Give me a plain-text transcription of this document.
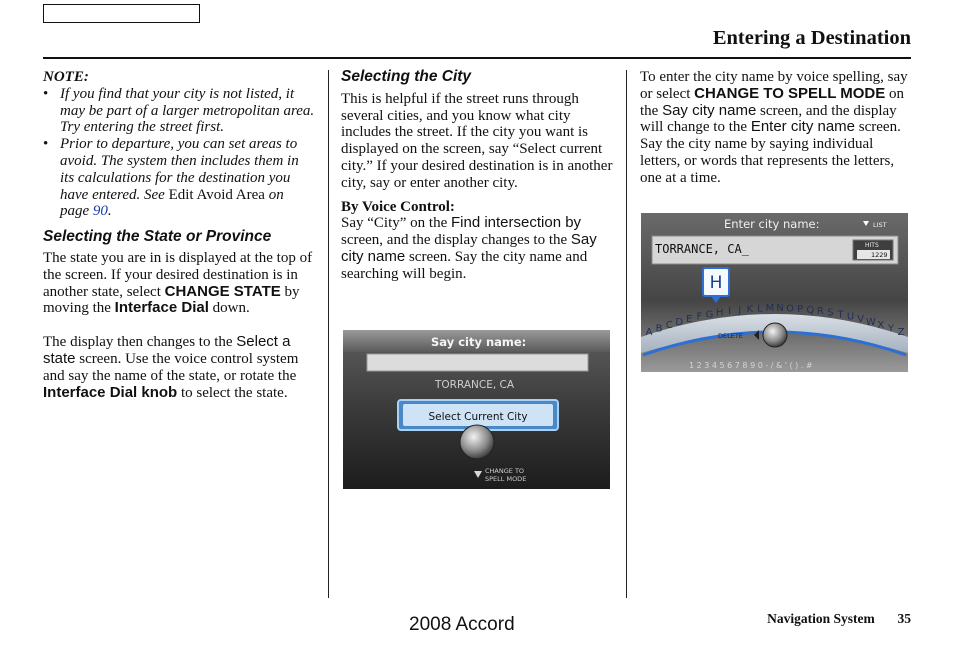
Entering a Destination

NOTE:

• If you find that your city is not listed, it may be part of a larger metropolitan area. Try entering the street first.
• Prior to departure, you can set areas to avoid. The system then includes them in its calculations for the destination you have entered. See Edit Avoid Area on page 90.

Selecting the State or Province

The state you are in is displayed at the top of the screen. If your desired destination is in another state, select CHANGE STATE by moving the Interface Dial down.

The display then changes to the Select a state screen. Use the voice control system and say the name of the state, or rotate the Interface Dial knob to select the state.

Selecting the City

This is helpful if the street runs through several cities, and you know what city includes the street. If the city you want is displayed on the screen, say “Select current city.” If your desired destination is in another city, say or enter another city.

By Voice Control:

Say “City” on the Find intersection by screen, and the display changes to the Say city name screen. Say the city name and searching will begin.

Say city name:
TORRANCE, CA
Select Current City
CHANGE TO
SPELL MODE

To enter the city name by voice spelling, say or select CHANGE TO SPELL MODE on the Say city name screen, and the display will change to the Enter city name screen.

Say the city name by saying individual letters, or words that represents the letters, one at a time.

Enter city name:	LIST
TORRANCE, CA_	HITS
1229
A B C D E F G H I J K L M N O P Q R S T U V W X Y Z
H
DELETE
1 2 3 4 5 6 7 8 9 0 - / & ' ( ) . #
2008 Accord	Navigation System 35
